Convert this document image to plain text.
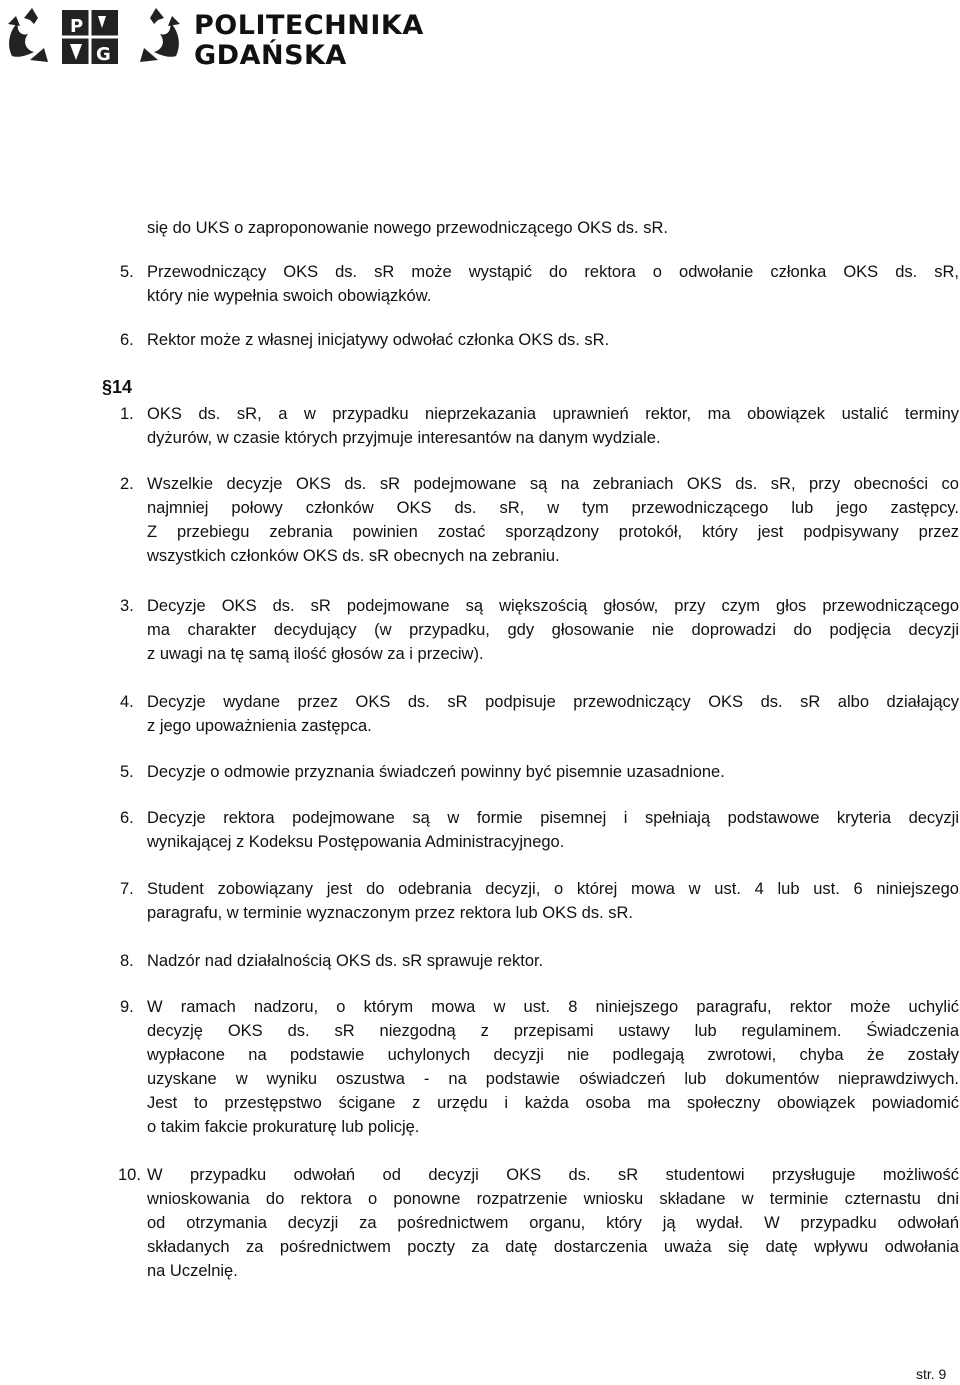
P
G
POLITECHNIKA
GDAŃSKA
§14
się do UKS o zaproponowanie nowego przewodniczącego OKS ds. sR.
5. Przewodniczący OKS ds. sR może wystąpić do rektora o odwołanie członka OKS ds. sR,
który nie wypełnia swoich obowiązków.
6. Rektor może z własnej inicjatywy odwołać członka OKS ds. sR.
1. OKS ds. sR, a w przypadku nieprzekazania uprawnień rektor, ma obowiązek ustalić terminy
dyżurów, w czasie których przyjmuje interesantów na danym wydziale.
2. Wszelkie decyzje OKS ds. sR podejmowane są na zebraniach OKS ds. sR, przy obecności co
najmniej połowy członków OKS ds. sR, w tym przewodniczącego lub jego zastępcy.
Z przebiegu zebrania powinien zostać sporządzony protokół, który jest podpisywany przez
wszystkich członków OKS ds. sR obecnych na zebraniu.
3. Decyzje OKS ds. sR podejmowane są większością głosów, przy czym głos przewodniczącego
ma charakter decydujący (w przypadku, gdy głosowanie nie doprowadzi do podjęcia decyzji
z uwagi na tę samą ilość głosów za i przeciw).
4. Decyzje wydane przez OKS ds. sR podpisuje przewodniczący OKS ds. sR albo działający
z jego upoważnienia zastępca.
5. Decyzje o odmowie przyznania świadczeń powinny być pisemnie uzasadnione.
6. Decyzje rektora podejmowane są w formie pisemnej i spełniają podstawowe kryteria decyzji
wynikającej z Kodeksu Postępowania Administracyjnego.
7. Student zobowiązany jest do odebrania decyzji, o której mowa w ust. 4 lub ust. 6 niniejszego
paragrafu, w terminie wyznaczonym przez rektora lub OKS ds. sR.
8. Nadzór nad działalnością OKS ds. sR sprawuje rektor.
9. W ramach nadzoru, o którym mowa w ust. 8 niniejszego paragrafu, rektor może uchylić
decyzję OKS ds. sR niezgodną z przepisami ustawy lub regulaminem. Świadczenia
wypłacone na podstawie uchylonych decyzji nie podlegają zwrotowi, chyba że zostały
uzyskane w wyniku oszustwa - na podstawie oświadczeń lub dokumentów nieprawdziwych.
Jest to przestępstwo ścigane z urzędu i każda osoba ma społeczny obowiązek powiadomić
o takim fakcie prokuraturę lub policję.
10. W przypadku odwołań od decyzji OKS ds. sR studentowi przysługuje możliwość
wnioskowania do rektora o ponowne rozpatrzenie wniosku składane w terminie czternastu dni
od otrzymania decyzji za pośrednictwem organu, który ją wydał. W przypadku odwołań
składanych za pośrednictwem poczty za datę dostarczenia uważa się datę wpływu odwołania
na Uczelnię.
str. 9
